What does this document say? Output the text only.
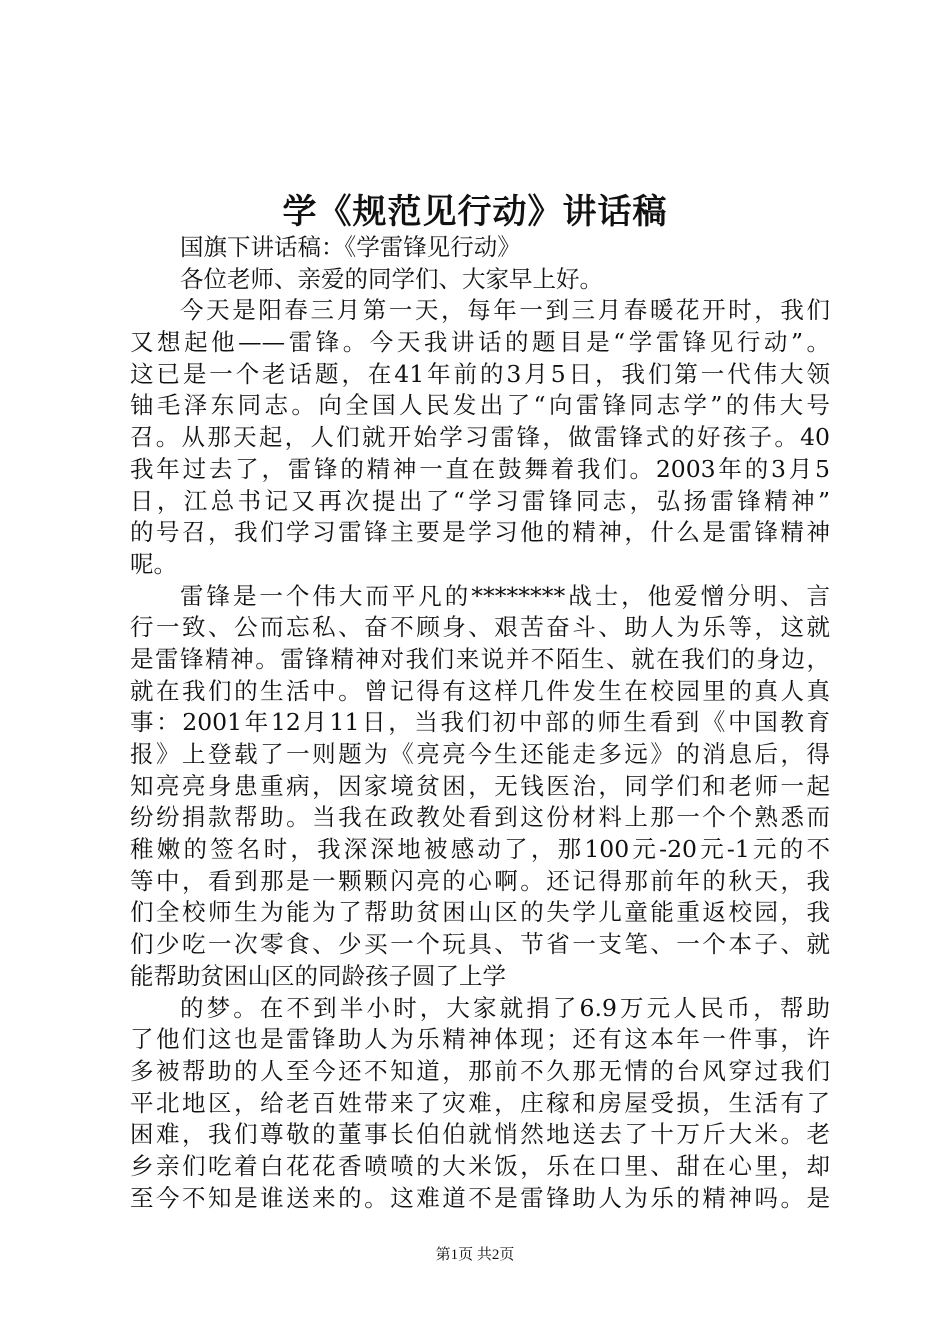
学《规范见行动》讲话稿
国旗下讲话稿：《学雷锋见行动》
各位老师、亲爱的同学们、大家早上好。
今天是阳春三月第一天，每年一到三月春暖花开时，我们
又想起他——雷锋。今天我讲话的题目是“学雷锋见行动”。
这已是一个老话题，在41年前的3月5日，我们第一代伟大领
铀毛泽东同志。向全国人民发出了“向雷锋同志学”的伟大号
召。从那天起，人们就开始学习雷锋，做雷锋式的好孩子。40
我年过去了，雷锋的精神一直在鼓舞着我们。2003年的3月5
日，江总书记又再次提出了“学习雷锋同志，弘扬雷锋精神”
的号召，我们学习雷锋主要是学习他的精神，什么是雷锋精神
呢。
雷锋是一个伟大而平凡的********战士，他爱憎分明、言
行一致、公而忘私、奋不顾身、艰苦奋斗、助人为乐等，这就
是雷锋精神。雷锋精神对我们来说并不陌生、就在我们的身边，
就在我们的生活中。曾记得有这样几件发生在校园里的真人真
事：2001年12月11日，当我们初中部的师生看到《中国教育
报》上登载了一则题为《亮亮今生还能走多远》的消息后，得
知亮亮身患重病，因家境贫困，无钱医治，同学们和老师一起
纷纷捐款帮助。当我在政教处看到这份材料上那一个个熟悉而
稚嫩的签名时，我深深地被感动了，那100元-20元-1元的不
等中，看到那是一颗颗闪亮的心啊。还记得那前年的秋天，我
们全校师生为能为了帮助贫困山区的失学儿童能重返校园，我
们少吃一次零食、少买一个玩具、节省一支笔、一个本子、就
能帮助贫困山区的同龄孩子圆了上学
的梦。在不到半小时，大家就捐了6.9万元人民币，帮助
了他们这也是雷锋助人为乐精神体现；还有这本年一件事，许
多被帮助的人至今还不知道，那前不久那无情的台风穿过我们
平北地区，给老百姓带来了灾难，庄稼和房屋受损，生活有了
困难，我们尊敬的董事长伯伯就悄然地送去了十万斤大米。老
乡亲们吃着白花花香喷喷的大米饭，乐在口里、甜在心里，却
至今不知是谁送来的。这难道不是雷锋助人为乐的精神吗。是
第1页 共2页
